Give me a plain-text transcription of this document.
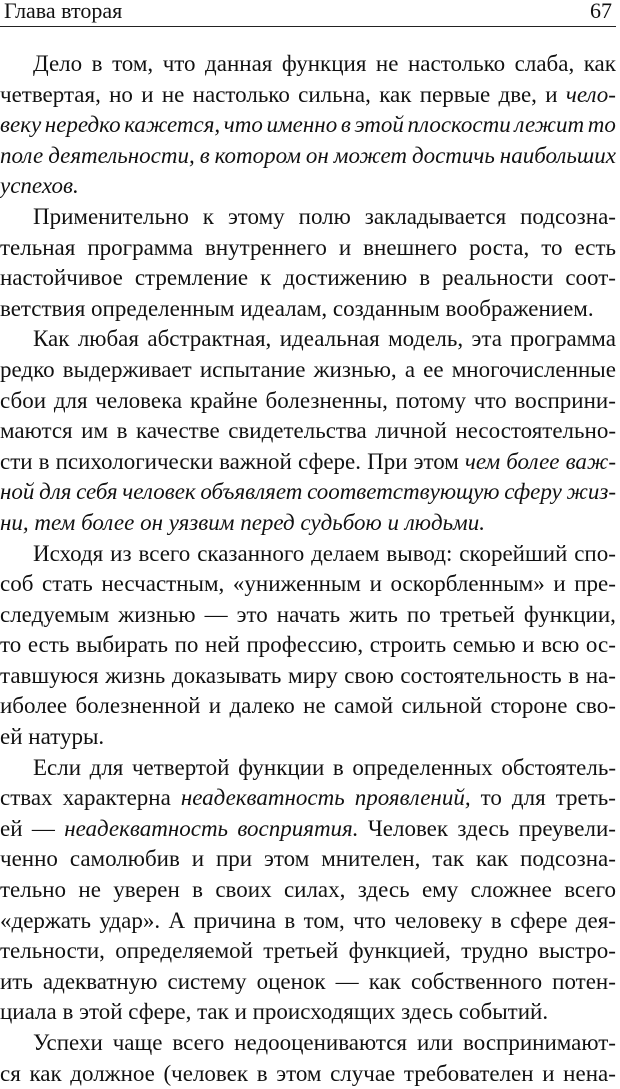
Глава вторая	67
Дело в том, что данная функция не настолько слаба, как
четвертая, но и не настолько сильна, как первые две, и чело-
веку нередко кажется, что именно в этой плоскости лежит то
поле деятельности, в котором он может достичь наибольших
успехов.
Применительно к этому полю закладывается подсозна-
тельная программа внутреннего и внешнего роста, то есть
настойчивое стремление к достижению в реальности соот-
ветствия определенным идеалам, созданным воображением.
Как любая абстрактная, идеальная модель, эта программа
редко выдерживает испытание жизнью, а ее многочисленные
сбои для человека крайне болезненны, потому что восприни-
маются им в качестве свидетельства личной несостоятельно-
сти в психологически важной сфере. При этом чем более важ-
ной для себя человек объявляет соответствующую сферу жиз-
ни, тем более он уязвим перед судьбою и людьми.
Исходя из всего сказанного делаем вывод: скорейший спо-
соб стать несчастным, «униженным и оскорбленным» и пре-
следуемым жизнью — это начать жить по третьей функции,
то есть выбирать по ней профессию, строить семью и всю ос-
тавшуюся жизнь доказывать миру свою состоятельность в на-
иболее болезненной и далеко не самой сильной стороне сво-
ей натуры.
Если для четвертой функции в определенных обстоятель-
ствах характерна неадекватность проявлений, то для треть-
ей — неадекватность восприятия. Человек здесь преувели-
ченно самолюбив и при этом мнителен, так как подсозна-
тельно не уверен в своих силах, здесь ему сложнее всего
«держать удар». А причина в том, что человеку в сфере дея-
тельности, определяемой третьей функцией, трудно выстро-
ить адекватную систему оценок — как собственного потен-
циала в этой сфере, так и происходящих здесь событий.
Успехи чаще всего недооцениваются или воспринимают-
ся как должное (человек в этом случае требователен и нена-
